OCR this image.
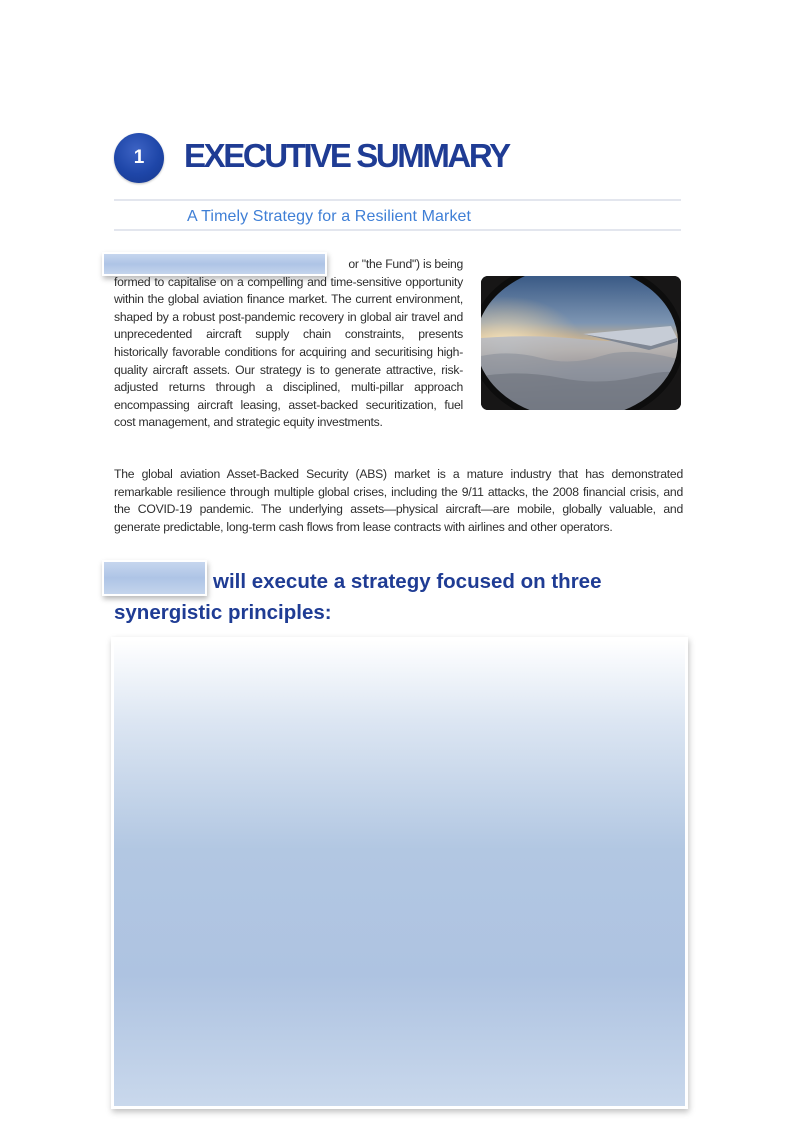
1	EXECUTIVE SUMMARY
A Timely Strategy for a Resilient Market

or "the Fund") is being
formed to capitalise on a compelling and time-sensitive opportunity within the global aviation finance market. The current environment, shaped by a robust post-pandemic recovery in global air travel and unprecedented aircraft supply chain constraints, presents historically favorable conditions for acquiring and securitising high-quality aircraft assets. Our strategy is to generate attractive, risk-adjusted returns through a disciplined, multi-pillar approach encompassing aircraft leasing, asset-backed securitization, fuel cost management, and strategic equity investments.

The global aviation Asset-Backed Security (ABS) market is a mature industry that has demonstrated remarkable resilience through multiple global crises, including the 9/11 attacks, the 2008 financial crisis, and the COVID-19 pandemic. The underlying assets—physical aircraft—are mobile, globally valuable, and generate predictable, long-term cash flows from lease contracts with airlines and other operators.

will execute a strategy focused on three synergistic principles:
